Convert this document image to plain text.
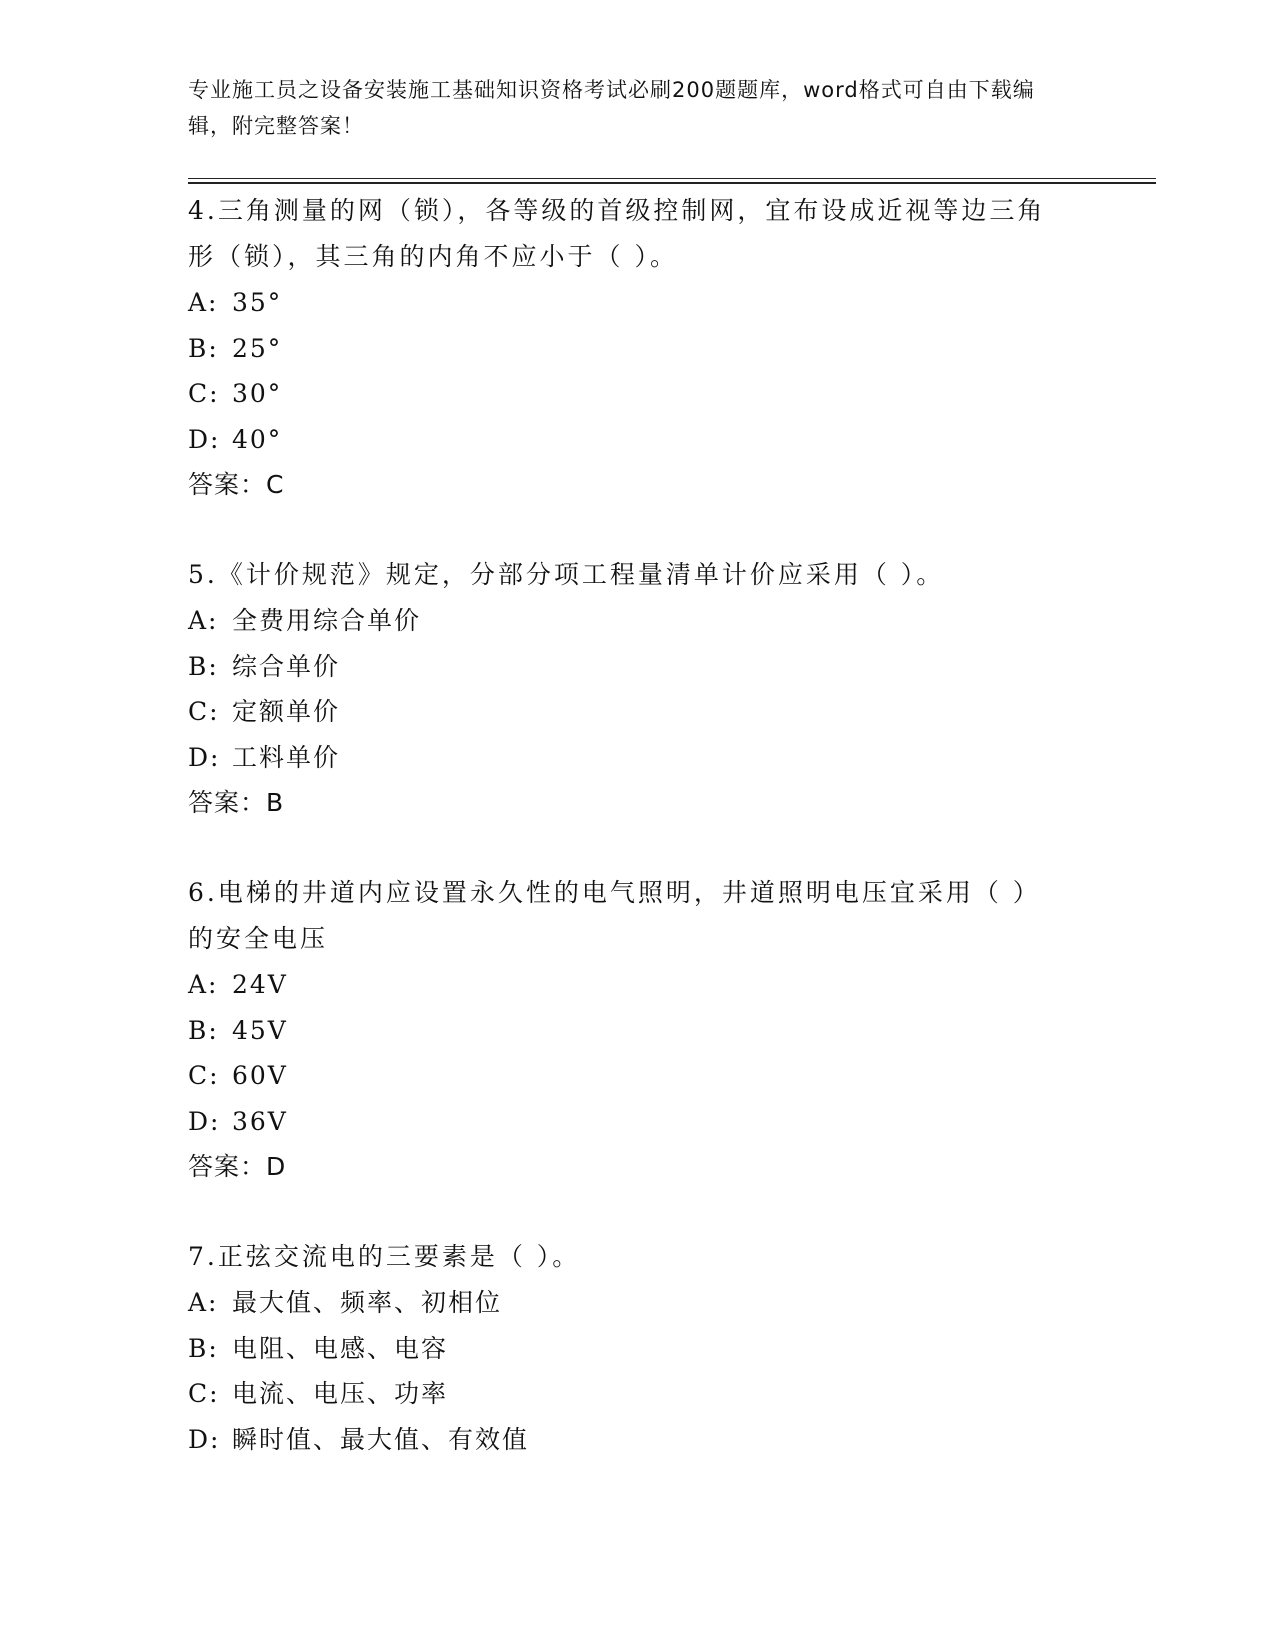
专业施工员之设备安装施工基础知识资格考试必刷200题题库，word格式可自由下载编辑，附完整答案！

4.三角测量的网（锁），各等级的首级控制网，宜布设成近视等边三角形（锁），其三角的内角不应小于（ ）。

A: 35°

B: 25°

C: 30°

D: 40°

答案：C

5.《计价规范》规定，分部分项工程量清单计价应采用（ ）。

A: 全费用综合单价

B: 综合单价

C: 定额单价

D: 工料单价

答案：B

6.电梯的井道内应设置永久性的电气照明，井道照明电压宜采用（ ）的安全电压

A: 24V

B: 45V

C: 60V

D: 36V

答案：D

7.正弦交流电的三要素是（ ）。

A: 最大值、频率、初相位

B: 电阻、电感、电容

C: 电流、电压、功率

D: 瞬时值、最大值、有效值
